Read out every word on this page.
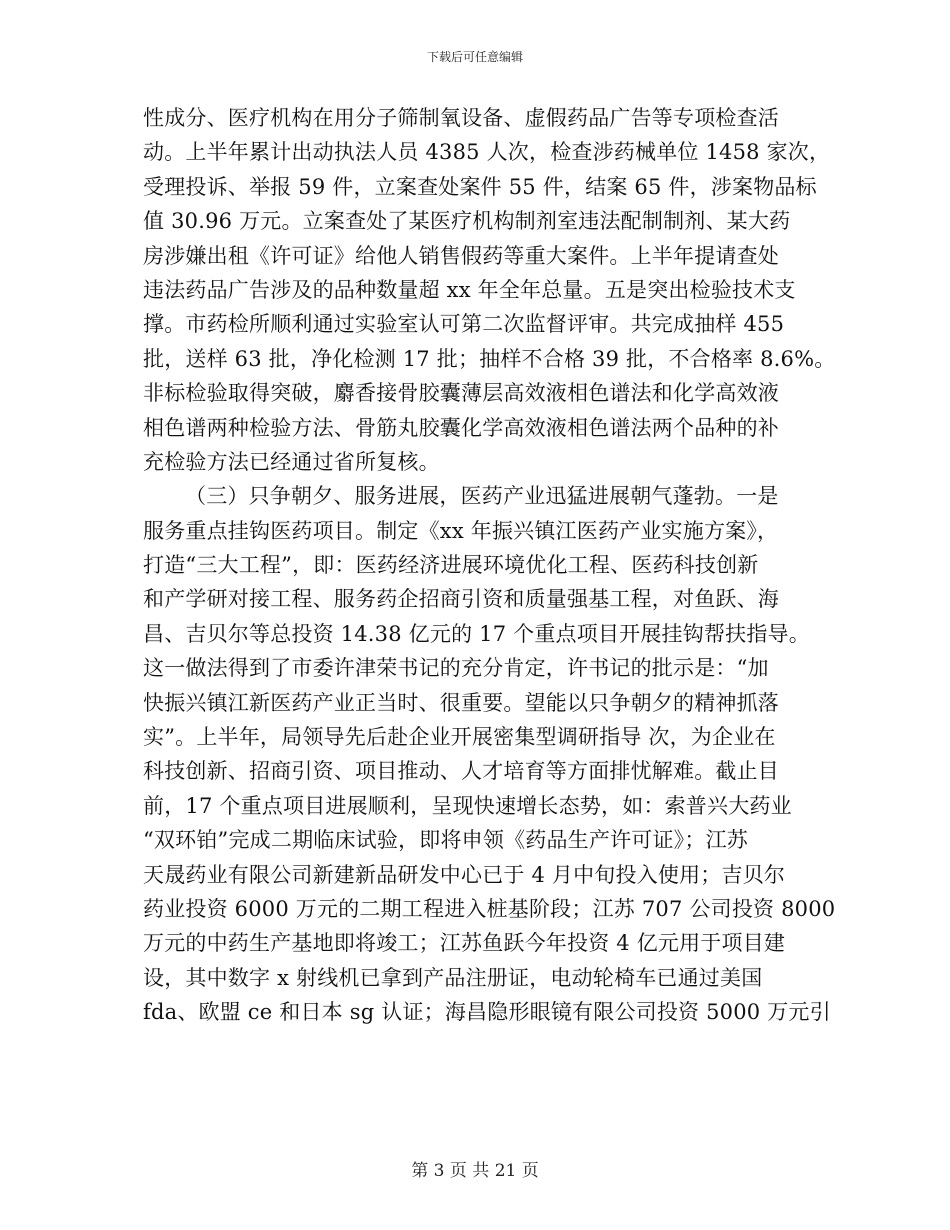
下载后可任意编辑
性成分、医疗机构在用分子筛制氧设备、虚假药品广告等专项检查活
动。上半年累计出动执法人员 4385 人次，检查涉药械单位 1458 家次，
受理投诉、举报 59 件，立案查处案件 55 件，结案 65 件，涉案物品标
值 30.96 万元。立案查处了某医疗机构制剂室违法配制制剂、某大药
房涉嫌出租《许可证》给他人销售假药等重大案件。上半年提请查处
违法药品广告涉及的品种数量超 xx 年全年总量。五是突出检验技术支
撑。市药检所顺利通过实验室认可第二次监督评审。共完成抽样 455
批，送样 63 批，净化检测 17 批；抽样不合格 39 批，不合格率 8.6%。
非标检验取得突破，麝香接骨胶囊薄层高效液相色谱法和化学高效液
相色谱两种检验方法、骨筋丸胶囊化学高效液相色谱法两个品种的补
充检验方法已经通过省所复核。
（三）只争朝夕、服务进展，医药产业迅猛进展朝气蓬勃。一是
服务重点挂钩医药项目。制定《xx 年振兴镇江医药产业实施方案》，
打造“三大工程”，即：医药经济进展环境优化工程、医药科技创新
和产学研对接工程、服务药企招商引资和质量强基工程，对鱼跃、海
昌、吉贝尔等总投资 14.38 亿元的 17 个重点项目开展挂钩帮扶指导。
这一做法得到了市委许津荣书记的充分肯定，许书记的批示是：“加
快振兴镇江新医药产业正当时、很重要。望能以只争朝夕的精神抓落
实”。上半年，局领导先后赴企业开展密集型调研指导 次，为企业在
科技创新、招商引资、项目推动、人才培育等方面排忧解难。截止目
前，17 个重点项目进展顺利，呈现快速增长态势，如：索普兴大药业
“双环铂”完成二期临床试验，即将申领《药品生产许可证》；江苏
天晟药业有限公司新建新品研发中心已于 4 月中旬投入使用；吉贝尔
药业投资 6000 万元的二期工程进入桩基阶段；江苏 707 公司投资 8000
万元的中药生产基地即将竣工；江苏鱼跃今年投资 4 亿元用于项目建
设，其中数字 x 射线机已拿到产品注册证，电动轮椅车已通过美国
fda、欧盟 ce 和日本 sg 认证；海昌隐形眼镜有限公司投资 5000 万元引
第 3 页 共 21 页
